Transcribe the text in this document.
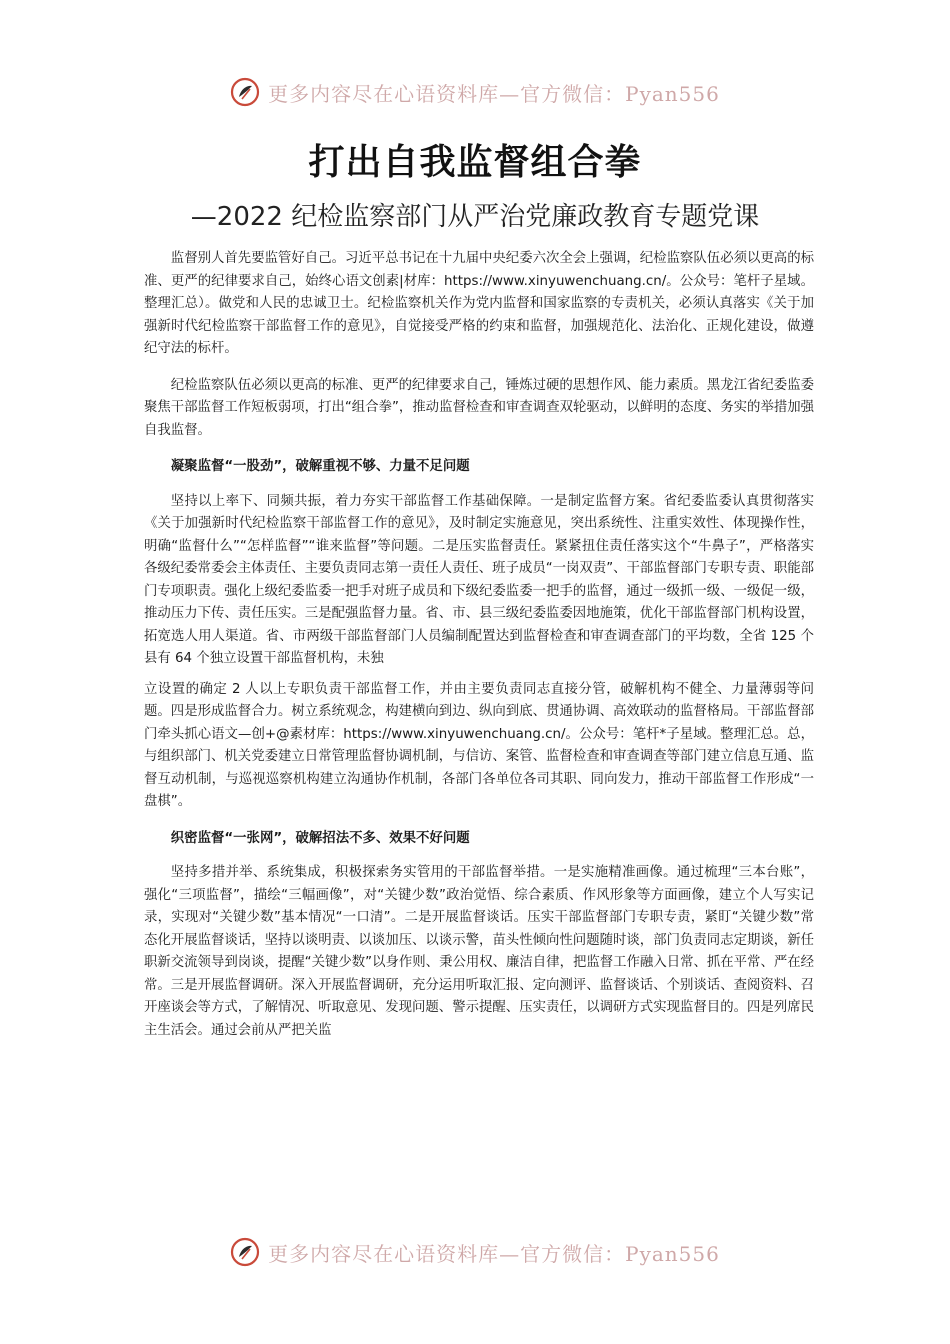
更多内容尽在心语资料库—官方微信：Pyan556
打出自我监督组合拳
—2022 纪检监察部门从严治党廉政教育专题党课

监督别人首先要监管好自己。习近平总书记在十九届中央纪委六次全会上强调，纪检监察队伍必须以更高的标准、更严的纪律要求自己，始终心语文创素|材库：https://www.xinyuwenchuang.cn/。公众号：笔杆子星域。整理汇总）。做党和人民的忠诚卫士。纪检监察机关作为党内监督和国家监察的专责机关，必须认真落实《关于加强新时代纪检监察干部监督工作的意见》，自觉接受严格的约束和监督，加强规范化、法治化、正规化建设，做遵纪守法的标杆。

纪检监察队伍必须以更高的标准、更严的纪律要求自己，锤炼过硬的思想作风、能力素质。黑龙江省纪委监委聚焦干部监督工作短板弱项，打出“组合拳”，推动监督检查和审查调查双轮驱动，以鲜明的态度、务实的举措加强自我监督。

凝聚监督“一股劲”，破解重视不够、力量不足问题

坚持以上率下、同频共振，着力夯实干部监督工作基础保障。一是制定监督方案。省纪委监委认真贯彻落实《关于加强新时代纪检监察干部监督工作的意见》，及时制定实施意见，突出系统性、注重实效性、体现操作性，明确“监督什么”“怎样监督”“谁来监督”等问题。二是压实监督责任。紧紧扭住责任落实这个“牛鼻子”，严格落实各级纪委常委会主体责任、主要负责同志第一责任人责任、班子成员“一岗双责”、干部监督部门专职专责、职能部门专项职责。强化上级纪委监委一把手对班子成员和下级纪委监委一把手的监督，通过一级抓一级、一级促一级，推动压力下传、责任压实。三是配强监督力量。省、市、县三级纪委监委因地施策，优化干部监督部门机构设置，拓宽选人用人渠道。省、市两级干部监督部门人员编制配置达到监督检查和审查调查部门的平均数，全省 125 个县有 64 个独立设置干部监督机构，未独

立设置的确定 2 人以上专职负责干部监督工作，并由主要负责同志直接分管，破解机构不健全、力量薄弱等问题。四是形成监督合力。树立系统观念，构建横向到边、纵向到底、贯通协调、高效联动的监督格局。干部监督部门牵头抓心语文—创+@素材库：https://www.xinyuwenchuang.cn/。公众号：笔杆*子星域。整理汇总。总，与组织部门、机关党委建立日常管理监督协调机制，与信访、案管、监督检查和审查调查等部门建立信息互通、监督互动机制，与巡视巡察机构建立沟通协作机制，各部门各单位各司其职、同向发力，推动干部监督工作形成“一盘棋”。

织密监督“一张网”，破解招法不多、效果不好问题

坚持多措并举、系统集成，积极探索务实管用的干部监督举措。一是实施精准画像。通过梳理“三本台账”，强化“三项监督”，描绘“三幅画像”，对“关键少数”政治觉悟、综合素质、作风形象等方面画像，建立个人写实记录，实现对“关键少数”基本情况“一口清”。二是开展监督谈话。压实干部监督部门专职专责，紧盯“关键少数”常态化开展监督谈话，坚持以谈明责、以谈加压、以谈示警，苗头性倾向性问题随时谈，部门负责同志定期谈，新任职新交流领导到岗谈，提醒“关键少数”以身作则、秉公用权、廉洁自律，把监督工作融入日常、抓在平常、严在经常。三是开展监督调研。深入开展监督调研，充分运用听取汇报、定向测评、监督谈话、个别谈话、查阅资料、召开座谈会等方式，了解情况、听取意见、发现问题、警示提醒、压实责任，以调研方式实现监督目的。四是列席民主生活会。通过会前从严把关监

更多内容尽在心语资料库—官方微信：Pyan556
